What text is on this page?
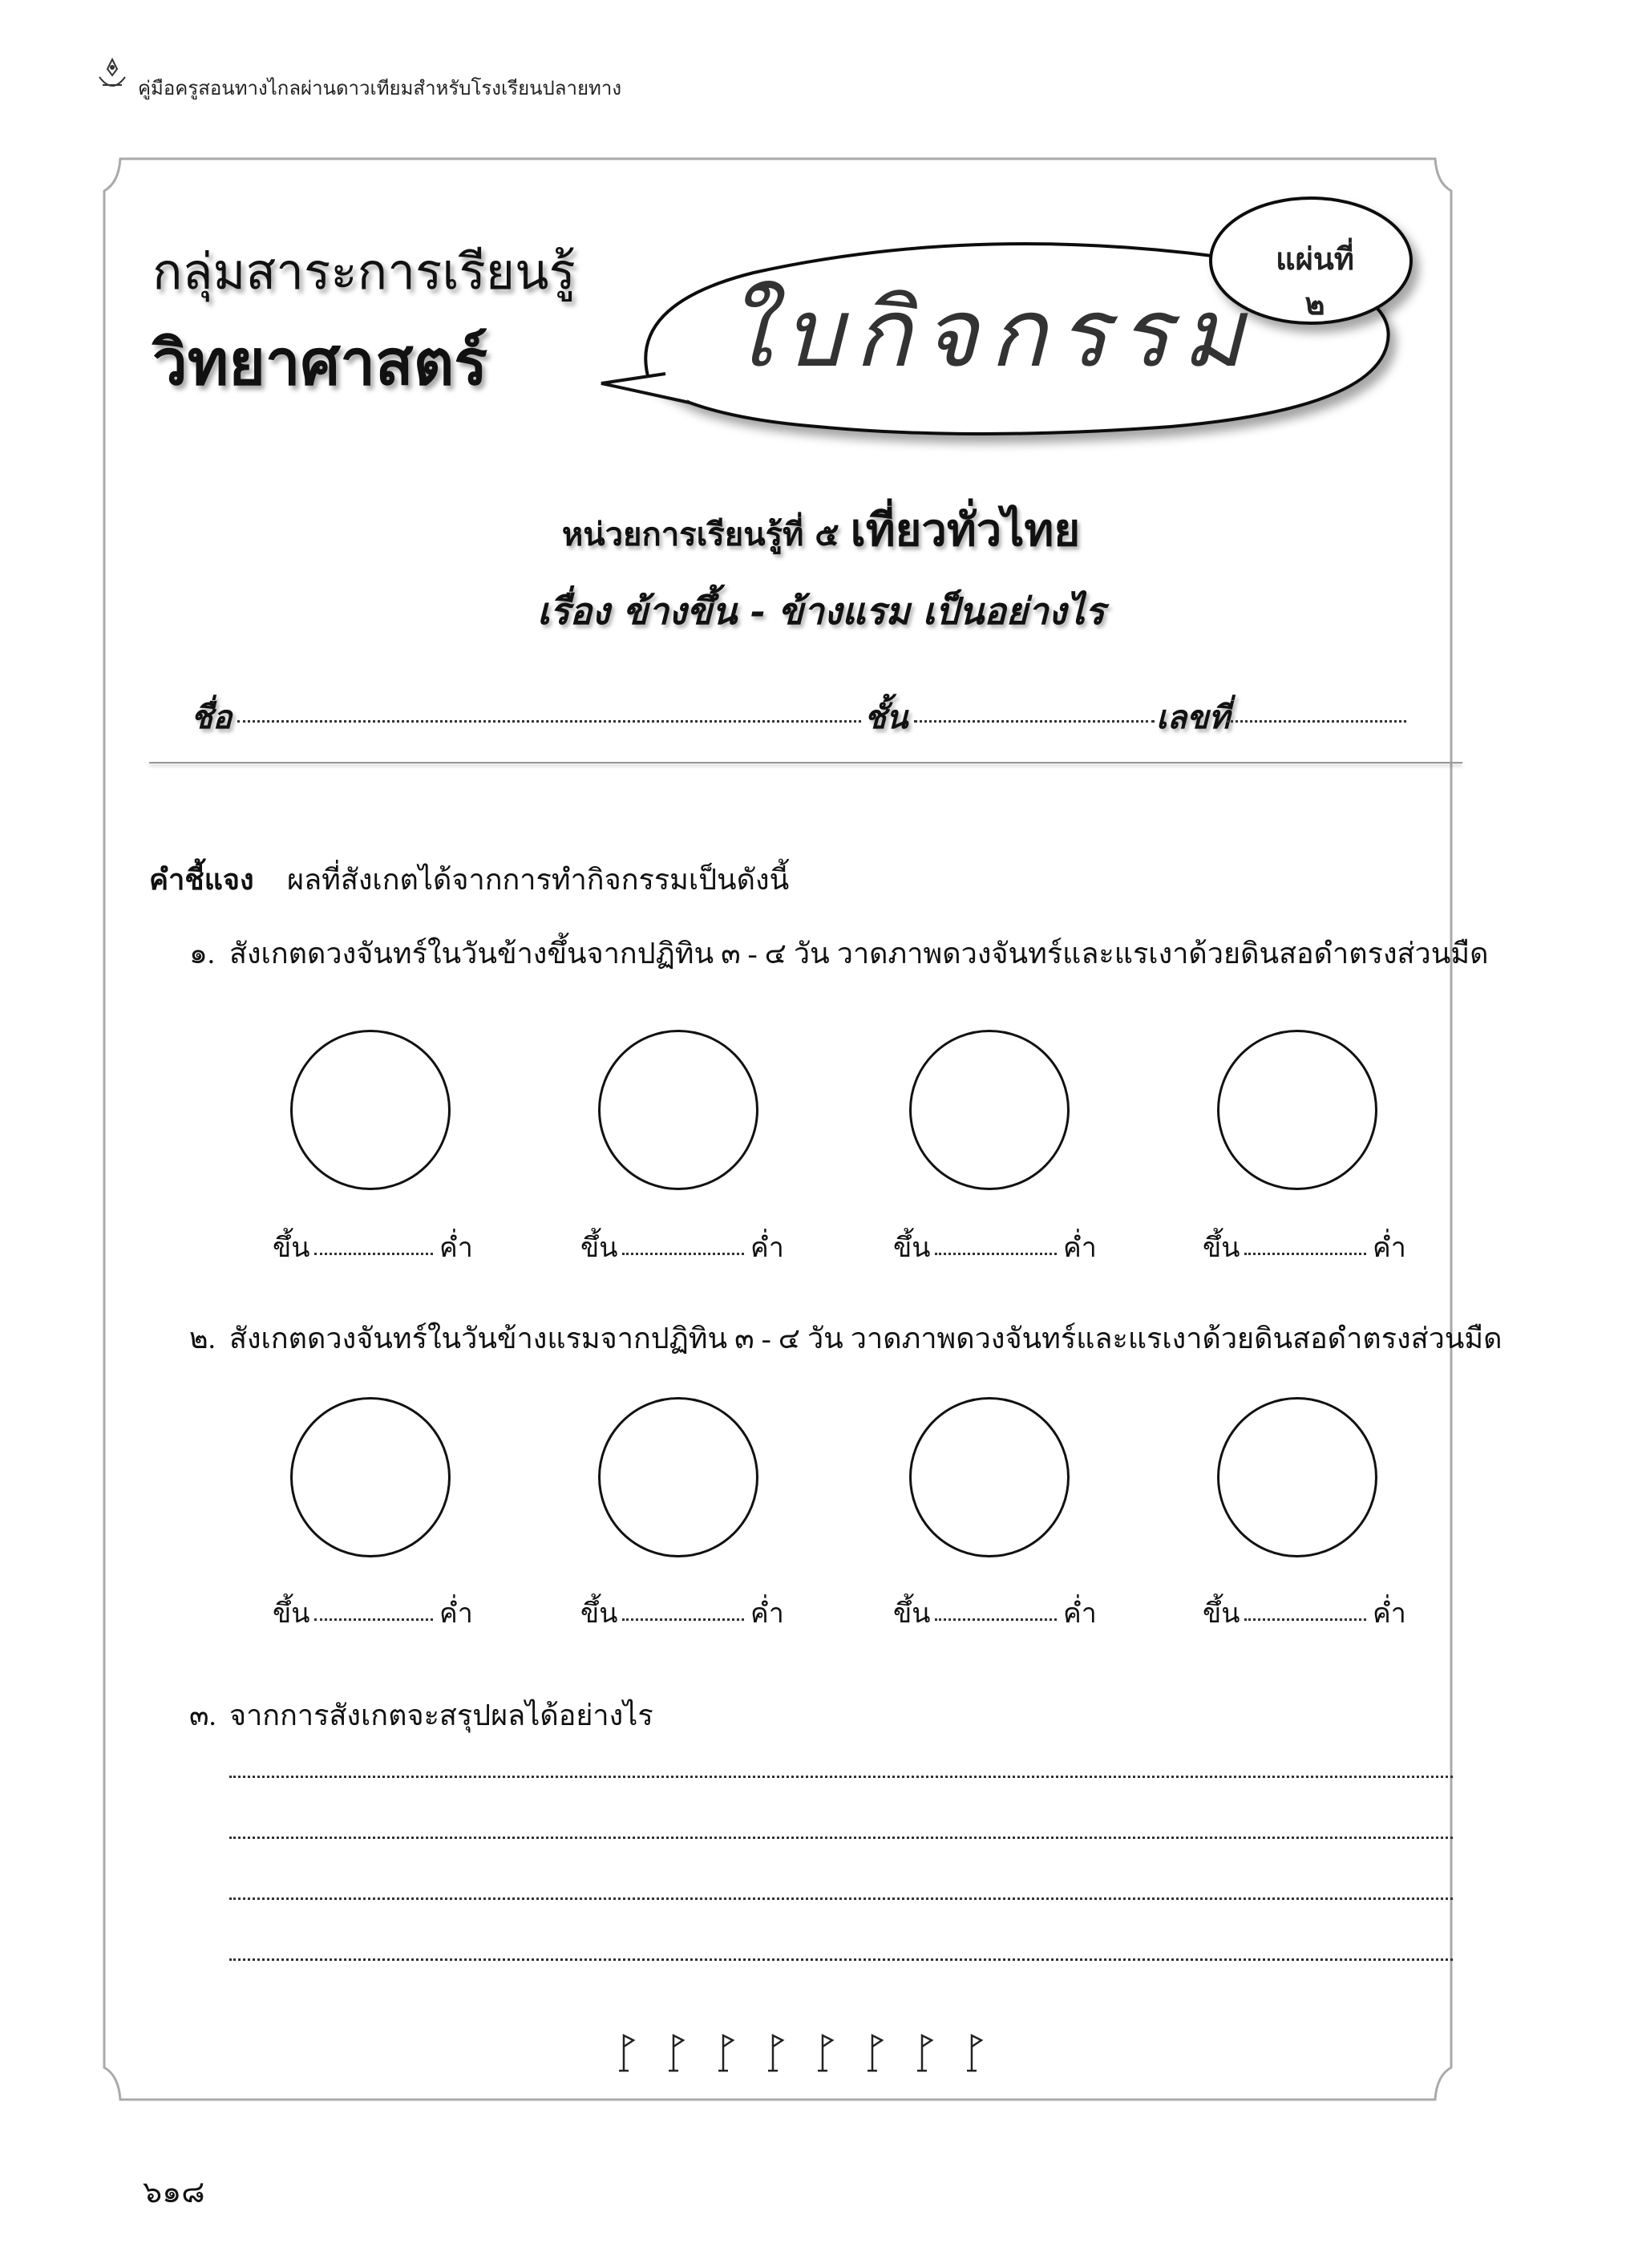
คู่มือครูสอนทางไกลผ่านดาวเทียมสำหรับโรงเรียนปลายทาง
กลุ่มสาระการเรียนรู้
วิทยาศาสตร์	ใบกิจกรรม
แผ่นที่
๒
หน่วยการเรียนรู้ที่ ๕ เที่ยวทั่วไทย
เรื่อง ข้างขึ้น - ข้างแรม เป็นอย่างไร
ชื่อ	ชั้น	เลขที่
คำชี้แจง ผลที่สังเกตได้จากการทำกิจกรรมเป็นดังนี้
๑. สังเกตดวงจันทร์ในวันข้างขึ้นจากปฏิทิน ๓ - ๔ วัน วาดภาพดวงจันทร์และแรเงาด้วยดินสอดำตรงส่วนมืด
ขึ้น	ค่ำ	ขึ้น	ค่ำ	ขึ้น	ค่ำ	ขึ้น	ค่ำ
๒. สังเกตดวงจันทร์ในวันข้างแรมจากปฏิทิน ๓ - ๔ วัน วาดภาพดวงจันทร์และแรเงาด้วยดินสอดำตรงส่วนมืด
ขึ้น	ค่ำ	ขึ้น	ค่ำ	ขึ้น	ค่ำ	ขึ้น	ค่ำ
๓. จากการสังเกตจะสรุปผลได้อย่างไร
๖๑๘
